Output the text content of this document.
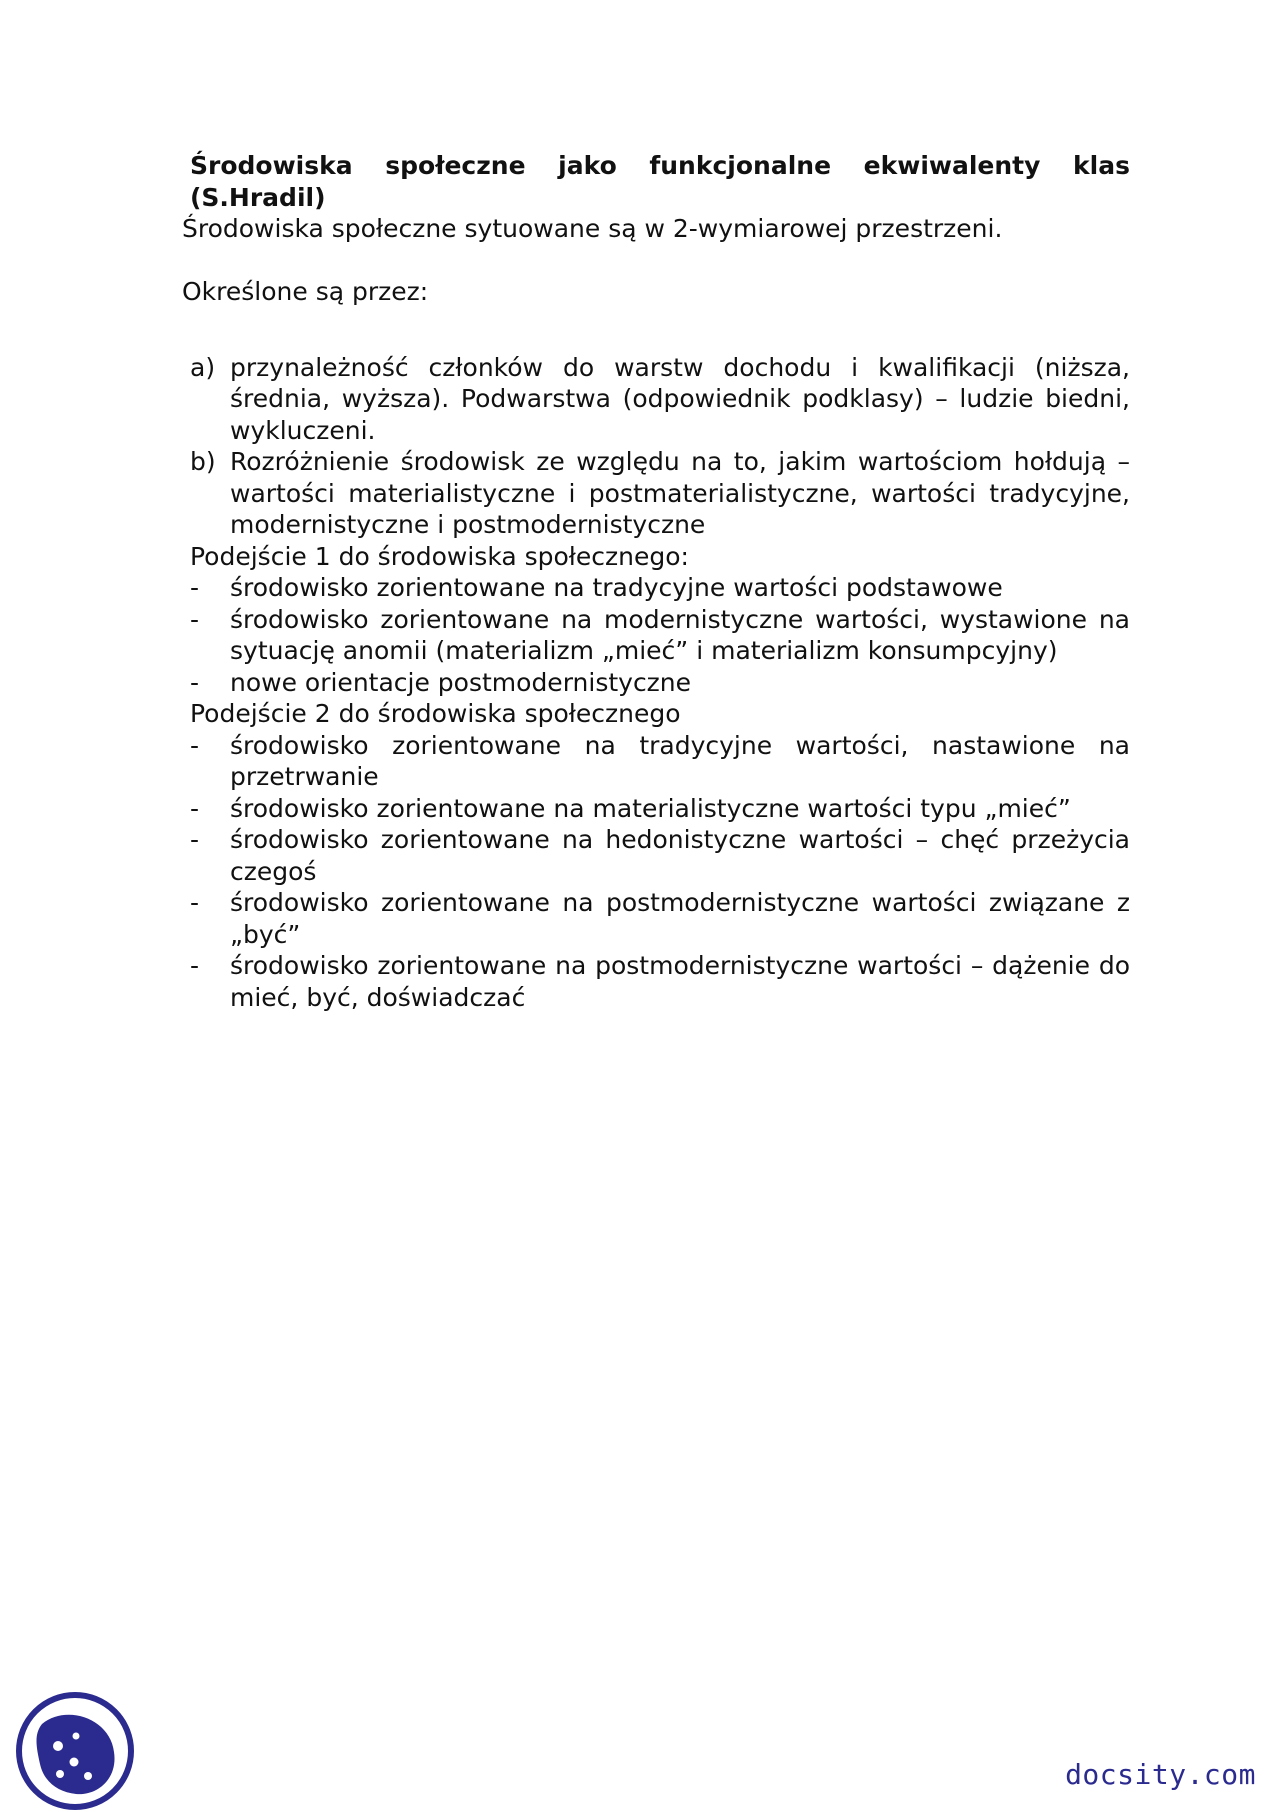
Środowiska społeczne jako funkcjonalne ekwiwalenty klas (S.Hradil)

Środowiska społeczne sytuowane są w 2-wymiarowej przestrzeni.

Określone są przez:

a) przynależność członków do warstw dochodu i kwalifikacji (niższa, średnia, wyższa). Podwarstwa (odpowiednik podklasy) – ludzie biedni, wykluczeni.
b) Rozróżnienie środowisk ze względu na to, jakim wartościom hołdują – wartości materialistyczne i postmaterialistyczne, wartości tradycyjne, modernistyczne i postmodernistyczne
Podejście 1 do środowiska społecznego:
-	środowisko zorientowane na tradycyjne wartości podstawowe
-	środowisko zorientowane na modernistyczne wartości, wystawione na sytuację anomii (materializm „mieć” i materializm konsumpcyjny)
-	nowe orientacje postmodernistyczne
Podejście 2 do środowiska społecznego
-	środowisko zorientowane na tradycyjne wartości, nastawione na przetrwanie
-	środowisko zorientowane na materialistyczne wartości typu „mieć”
-	środowisko zorientowane na hedonistyczne wartości – chęć przeżycia czegoś
-	środowisko zorientowane na postmodernistyczne wartości związane z „być”
-	środowisko zorientowane na postmodernistyczne wartości – dążenie do mieć, być, doświadczać
docsity.com
